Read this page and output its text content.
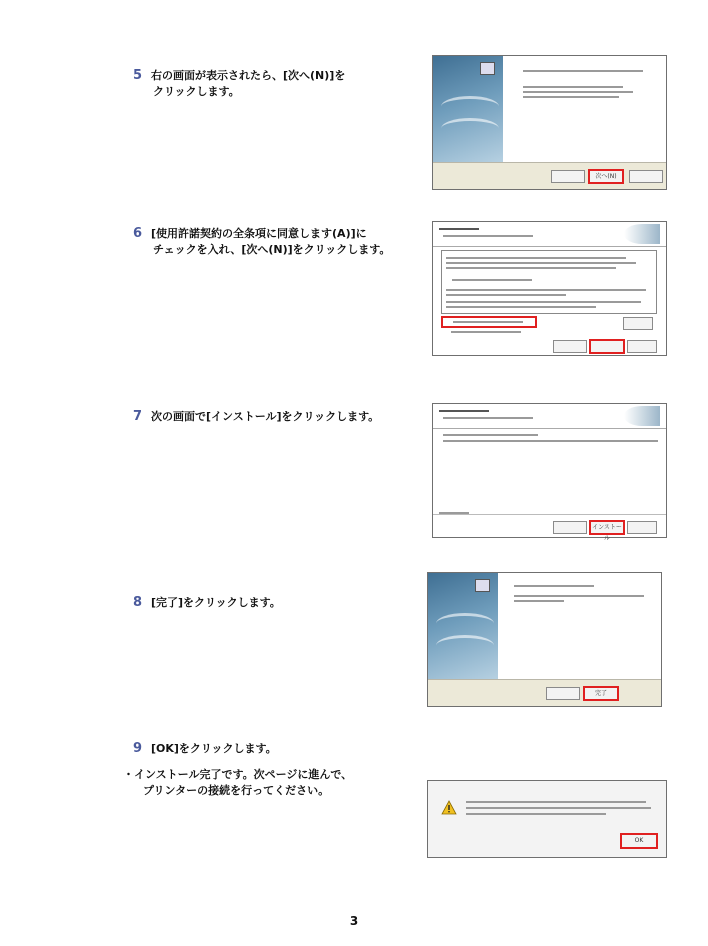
5 右の画面が表示されたら、[次へ(N)]を
クリックします。
次へ(N)
6 [使用許諾契約の全条項に同意します(A)]に
チェックを入れ、[次へ(N)]をクリックします。
7 次の画面で[インストール]をクリックします。
インストール
8 [完了]をクリックします。
完了
9 [OK]をクリックします。
・インストール完了です。次ページに進んで、
プリンターの接続を行ってください。
OK
3
